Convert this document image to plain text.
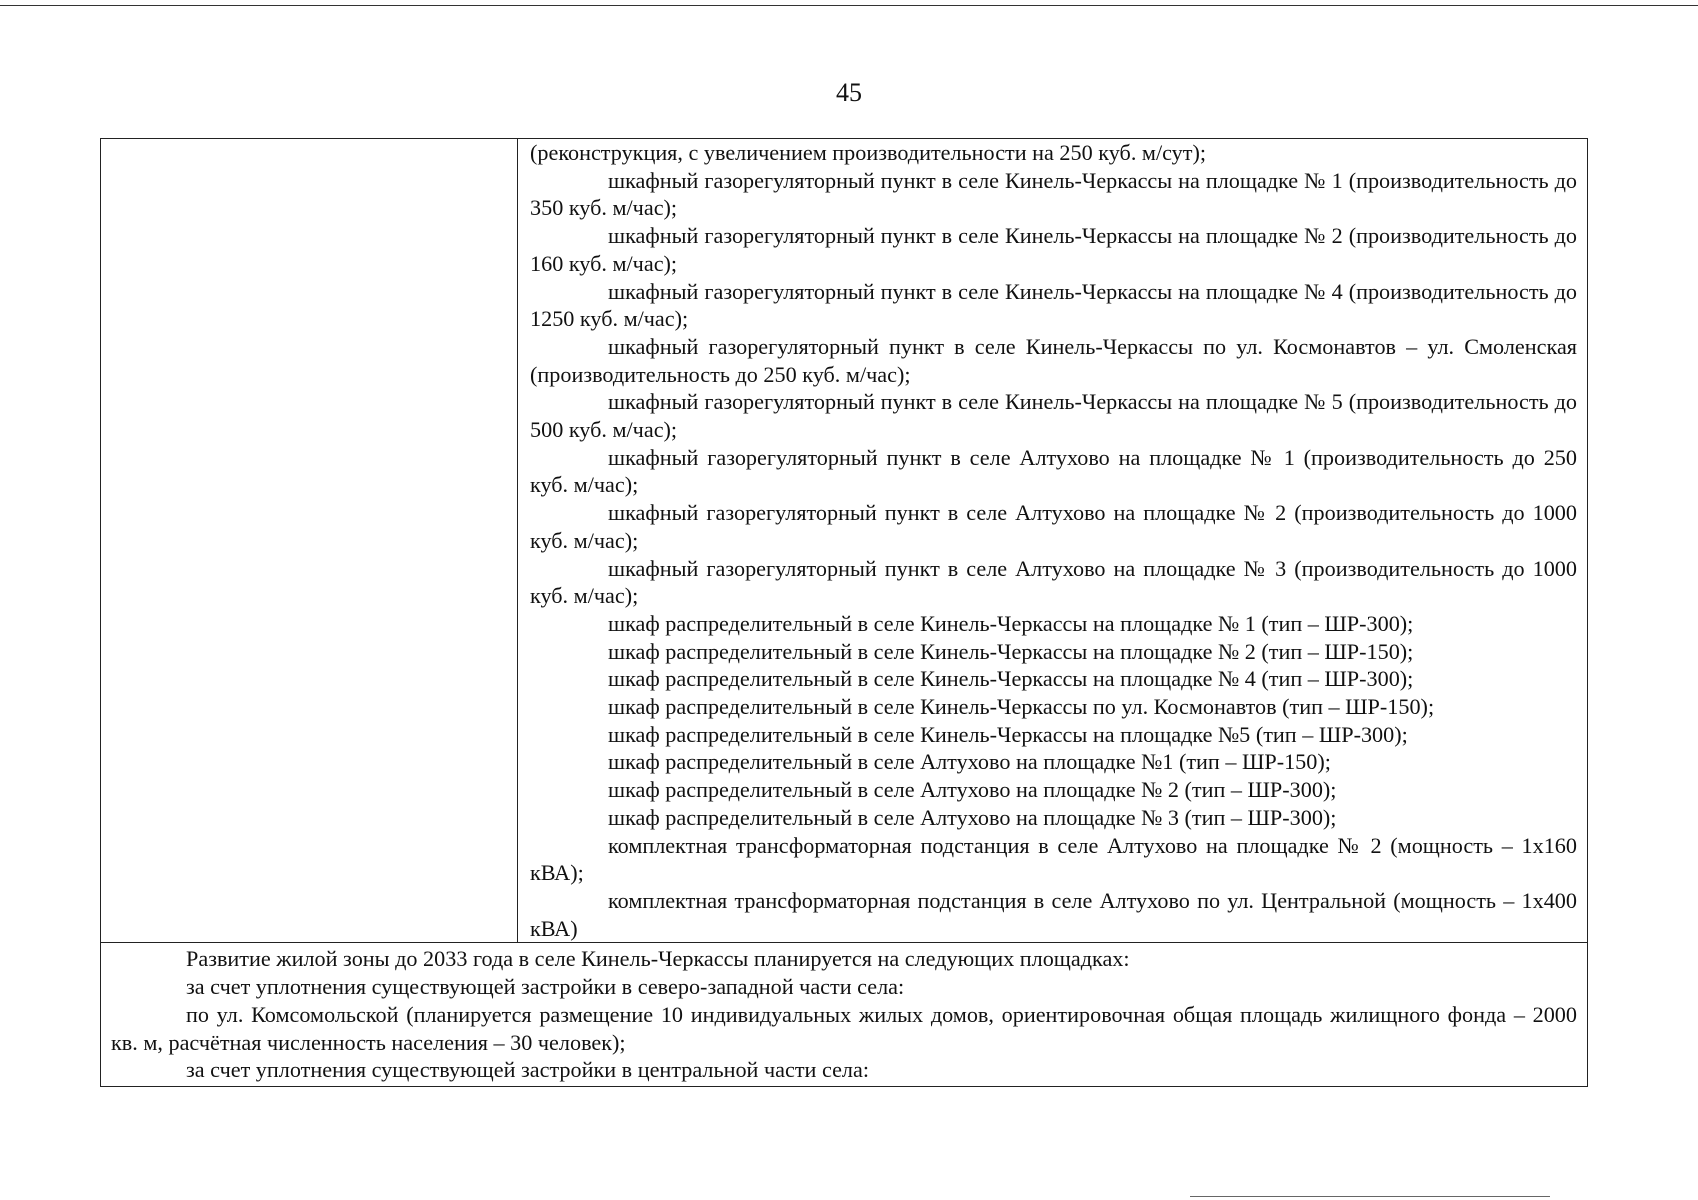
45

(реконструкция, с увеличением производительности на 250 куб. м/сут);

шкафный газорегуляторный пункт в селе Кинель-Черкассы на площадке № 1 (производительность до 350 куб. м/час);

шкафный газорегуляторный пункт в селе Кинель-Черкассы на площадке № 2 (производительность до 160 куб. м/час);

шкафный газорегуляторный пункт в селе Кинель-Черкассы на площадке № 4 (производительность до 1250 куб. м/час);

шкафный газорегуляторный пункт в селе Кинель-Черкассы по ул. Космонавтов – ул. Смоленская (производительность до 250 куб. м/час);

шкафный газорегуляторный пункт в селе Кинель-Черкассы на площадке № 5 (производительность до 500 куб. м/час);

шкафный газорегуляторный пункт в селе Алтухово на площадке № 1 (производительность до 250 куб. м/час);

шкафный газорегуляторный пункт в селе Алтухово на площадке № 2 (производительность до 1000 куб. м/час);

шкафный газорегуляторный пункт в селе Алтухово на площадке № 3 (производительность до 1000 куб. м/час);

шкаф распределительный в селе Кинель-Черкассы на площадке № 1 (тип – ШР-300);

шкаф распределительный в селе Кинель-Черкассы на площадке № 2 (тип – ШР-150);

шкаф распределительный в селе Кинель-Черкассы на площадке № 4 (тип – ШР-300);

шкаф распределительный в селе Кинель-Черкассы по ул. Космонавтов (тип – ШР-150);

шкаф распределительный в селе Кинель-Черкассы на площадке №5 (тип – ШР-300);

шкаф распределительный в селе Алтухово на площадке №1 (тип – ШР-150);

шкаф распределительный в селе Алтухово на площадке № 2 (тип – ШР-300);

шкаф распределительный в селе Алтухово на площадке № 3 (тип – ШР-300);

комплектная трансформаторная подстанция в селе Алтухово на площадке № 2 (мощность – 1x160 кВА);

комплектная трансформаторная подстанция в селе Алтухово по ул. Центральной (мощность – 1x400 кВА)

Развитие жилой зоны до 2033 года в селе Кинель-Черкассы планируется на следующих площадках:

за счет уплотнения существующей застройки в северо-западной части села:

по ул. Комсомольской (планируется размещение 10 индивидуальных жилых домов, ориентировочная общая площадь жилищного фонда – 2000 кв. м, расчётная численность населения – 30 человек);

за счет уплотнения существующей застройки в центральной части села:
